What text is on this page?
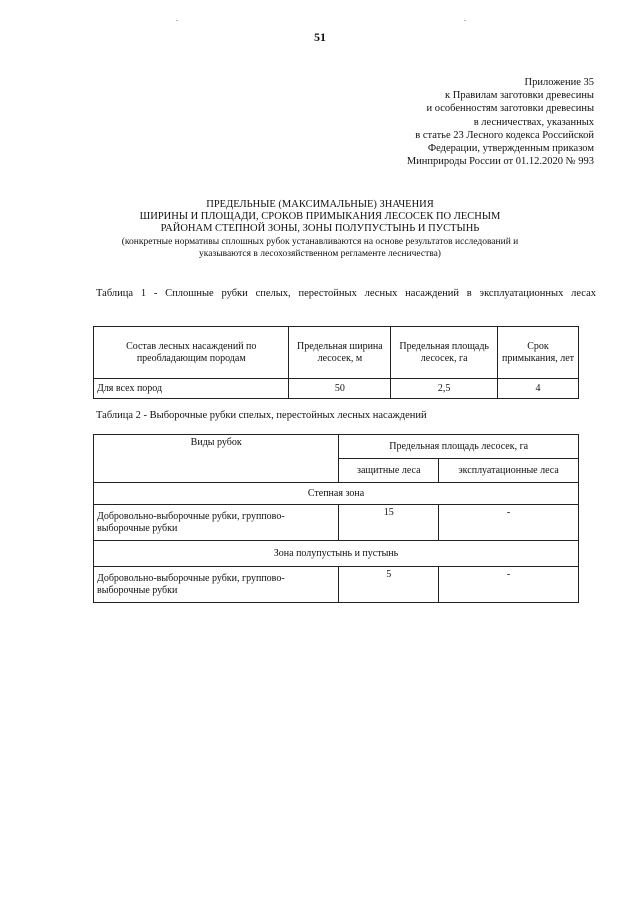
.	.
51
Приложение 35
к Правилам заготовки древесины
и особенностям заготовки древесины
в лесничествах, указанных
в статье 23 Лесного кодекса Российской
Федерации, утвержденным приказом
Минприроды России от 01.12.2020 № 993
ПРЕДЕЛЬНЫЕ (МАКСИМАЛЬНЫЕ) ЗНАЧЕНИЯ
ШИРИНЫ И ПЛОЩАДИ, СРОКОВ ПРИМЫКАНИЯ ЛЕСОСЕК ПО ЛЕСНЫМ
РАЙОНАМ СТЕПНОЙ ЗОНЫ, ЗОНЫ ПОЛУПУСТЫНЬ И ПУСТЫНЬ
(конкретные нормативы сплошных рубок устанавливаются на основе результатов исследований и
указываются в лесохозяйственном регламенте лесничества)
Таблица 1 - Сплошные рубки спелых, перестойных лесных насаждений в эксплуатационных лесах
Состав лесных насаждений по преобладающим породам	Предельная ширина лесосек, м	Предельная площадь лесосек, га	Срок примыкания, лет
Для всех пород	50	2,5	4
Таблица 2 - Выборочные рубки спелых, перестойных лесных насаждений
Виды рубок	Предельная площадь лесосек, га	
	защитные леса	эксплуатационные леса
Степная зона		
Добровольно-выборочные рубки, группово-выборочные рубки	15	-
Зона полупустынь и пустынь		
Добровольно-выборочные рубки, группово-выборочные рубки	5	-
